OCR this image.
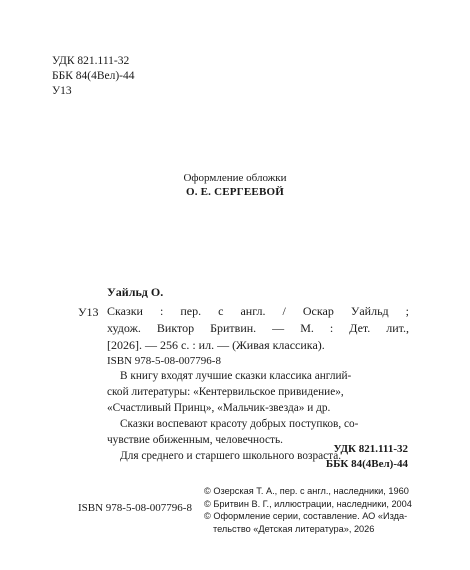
УДК 821.111-32
ББК 84(4Вел)-44
У13
Оформление обложки
О. Е. СЕРГЕЕВОЙ
Уайльд О.
У13 Сказки : пер. с англ. / Оскар Уайльд ;
худож. Виктор Бритвин. — М. : Дет. лит.,
[2026]. — 256 с. : ил. — (Живая классика).
ISBN 978-5-08-007796-8

В книгу входят лучшие сказки классика англий-
ской литературы: «Кентервильское привидение»,
«Счастливый Принц», «Мальчик-звезда» и др.

Сказки воспевают красоту добрых поступков, со-
чувствие обиженным, человечность.

Для среднего и старшего школьного возраста.

УДК 821.111-32
ББК 84(4Вел)-44
© Озерская Т. А., пер. с англ., наследники, 1960
© Бритвин В. Г., иллюстрации, наследники, 2004
© Оформление серии, составление. АО «Изда-
тельство «Детская литература», 2026
ISBN 978-5-08-007796-8
